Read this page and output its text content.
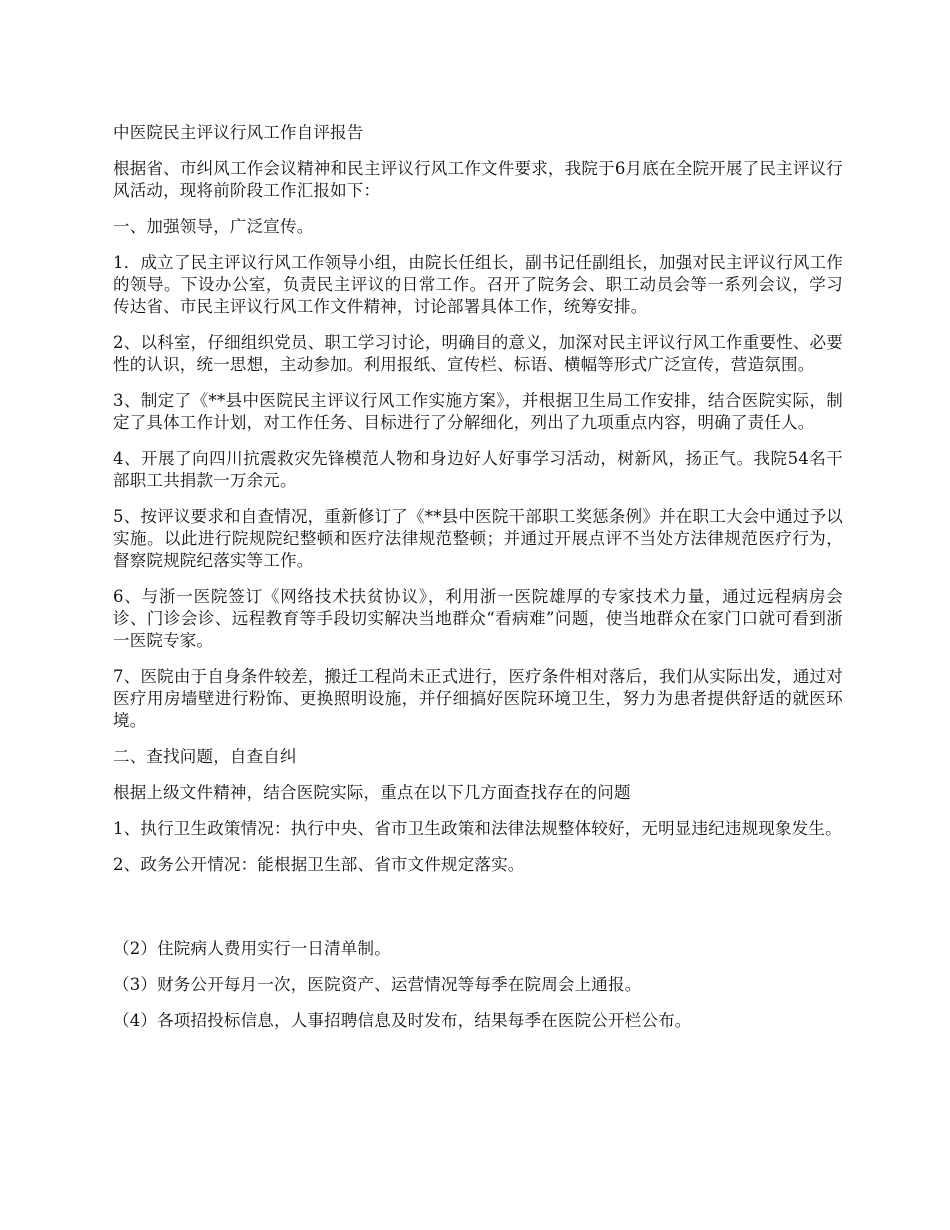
中医院民主评议行风工作自评报告

根据省、市纠风工作会议精神和民主评议行风工作文件要求，我院于6月底在全院开展了民主评议行风活动，现将前阶段工作汇报如下：

一、加强领导，广泛宣传。

1．成立了民主评议行风工作领导小组，由院长任组长，副书记任副组长，加强对民主评议行风工作的领导。下设办公室，负责民主评议的日常工作。召开了院务会、职工动员会等一系列会议，学习传达省、市民主评议行风工作文件精神，讨论部署具体工作，统筹安排。

2、以科室，仔细组织党员、职工学习讨论，明确目的意义，加深对民主评议行风工作重要性、必要性的认识，统一思想，主动参加。利用报纸、宣传栏、标语、横幅等形式广泛宣传，营造氛围。

3、制定了《**县中医院民主评议行风工作实施方案》，并根据卫生局工作安排，结合医院实际，制定了具体工作计划，对工作任务、目标进行了分解细化，列出了九项重点内容，明确了责任人。

4、开展了向四川抗震救灾先锋模范人物和身边好人好事学习活动，树新风，扬正气。我院54名干部职工共捐款一万余元。

5、按评议要求和自查情况，重新修订了《**县中医院干部职工奖惩条例》并在职工大会中通过予以实施。以此进行院规院纪整顿和医疗法律规范整顿；并通过开展点评不当处方法律规范医疗行为，督察院规院纪落实等工作。

6、与浙一医院签订《网络技术扶贫协议》，利用浙一医院雄厚的专家技术力量，通过远程病房会诊、门诊会诊、远程教育等手段切实解决当地群众“看病难”问题，使当地群众在家门口就可看到浙一医院专家。

7、医院由于自身条件较差，搬迁工程尚未正式进行，医疗条件相对落后，我们从实际出发，通过对医疗用房墙壁进行粉饰、更换照明设施，并仔细搞好医院环境卫生，努力为患者提供舒适的就医环境。

二、查找问题，自查自纠

根据上级文件精神，结合医院实际，重点在以下几方面查找存在的问题

1、执行卫生政策情况：执行中央、省市卫生政策和法律法规整体较好，无明显违纪违规现象发生。

2、政务公开情况：能根据卫生部、省市文件规定落实。

（2）住院病人费用实行一日清单制。

（3）财务公开每月一次，医院资产、运营情况等每季在院周会上通报。

（4）各项招投标信息，人事招聘信息及时发布，结果每季在医院公开栏公布。
